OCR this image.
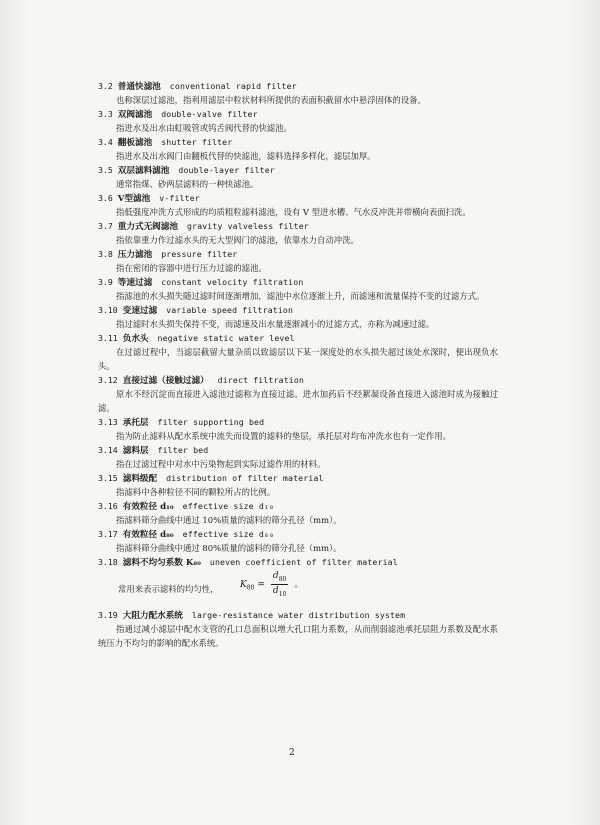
3.2 普通快滤池 conventional rapid filter

也称深层过滤池，指利用滤层中粒状材料所提供的表面积截留水中悬浮固体的设备。

3.3 双阀滤池 double-valve filter

指进水及出水由虹吸管或钨舌阀代替的快滤池。

3.4 翻板滤池 shutter filter

指进水及出水阀门由翻板代替的快滤池，滤料选择多样化，滤层加厚。

3.5 双层滤料滤池 double-layer filter

通常指煤、砂两层滤料的一种快滤池。

3.6 V型滤池 v-filter

指低强度冲洗方式形成的均质粗粒滤料滤池，设有 V 型进水槽、气水反冲洗并带横向表面扫洗。

3.7 重力式无阀滤池 gravity valveless filter

指依靠重力作过滤水头的无大型阀门的滤池，依靠水力自动冲洗。

3.8 压力滤池 pressure filter

指在密闭的容器中进行压力过滤的滤池。

3.9 等速过滤 constant velocity filtration

指滤池的水头损失随过滤时间逐渐增加，滤池中水位逐渐上升，而滤速和流量保持不变的过滤方式。

3.10 变速过滤 variable speed filtration

指过滤时水头损失保持不变，而滤速及出水量逐渐减小的过滤方式，亦称为减速过滤。

3.11 负水头 negative static water level

在过滤过程中，当滤层截留大量杂质以致滤层以下某一深度处的水头损失超过该处水深时，便出现负水头。

3.12 直接过滤（接触过滤） direct filtration

原水不经沉淀而直接进入滤池过滤称为直接过滤。进水加药后不经絮凝设备直接进入滤池时成为接触过滤。

3.13 承托层 filter supporting bed

指为防止滤料从配水系统中流失而设置的滤料的垫层，承托层对均布冲洗水也有一定作用。

3.14 滤料层 filter bed

指在过滤过程中对水中污染物起到实际过滤作用的材料。

3.15 滤料级配 distribution of filter material

指滤料中各种粒径不同的颗粒所占的比例。

3.16 有效粒径 d₁₀ effective size d₁₀

指滤料筛分曲线中通过 10%质量的滤料的筛分孔径（mm）。

3.17 有效粒径 d₈₀ effective size d₈₀

指滤料筛分曲线中通过 80%质量的滤料的筛分孔径（mm）。

3.18 滤料不均匀系数 K₈₀ uneven coefficient of filter material
常用来表示滤料的均匀性， $K_{80} = \frac{d_{80}}{d_{10}}$ 。
3.19 大阻力配水系统 large-resistance water distribution system

指通过减小滤层中配水支管的孔口总面积以增大孔口阻力系数，从而削弱滤池承托层阻力系数及配水系统压力不均匀的影响的配水系统。

2
